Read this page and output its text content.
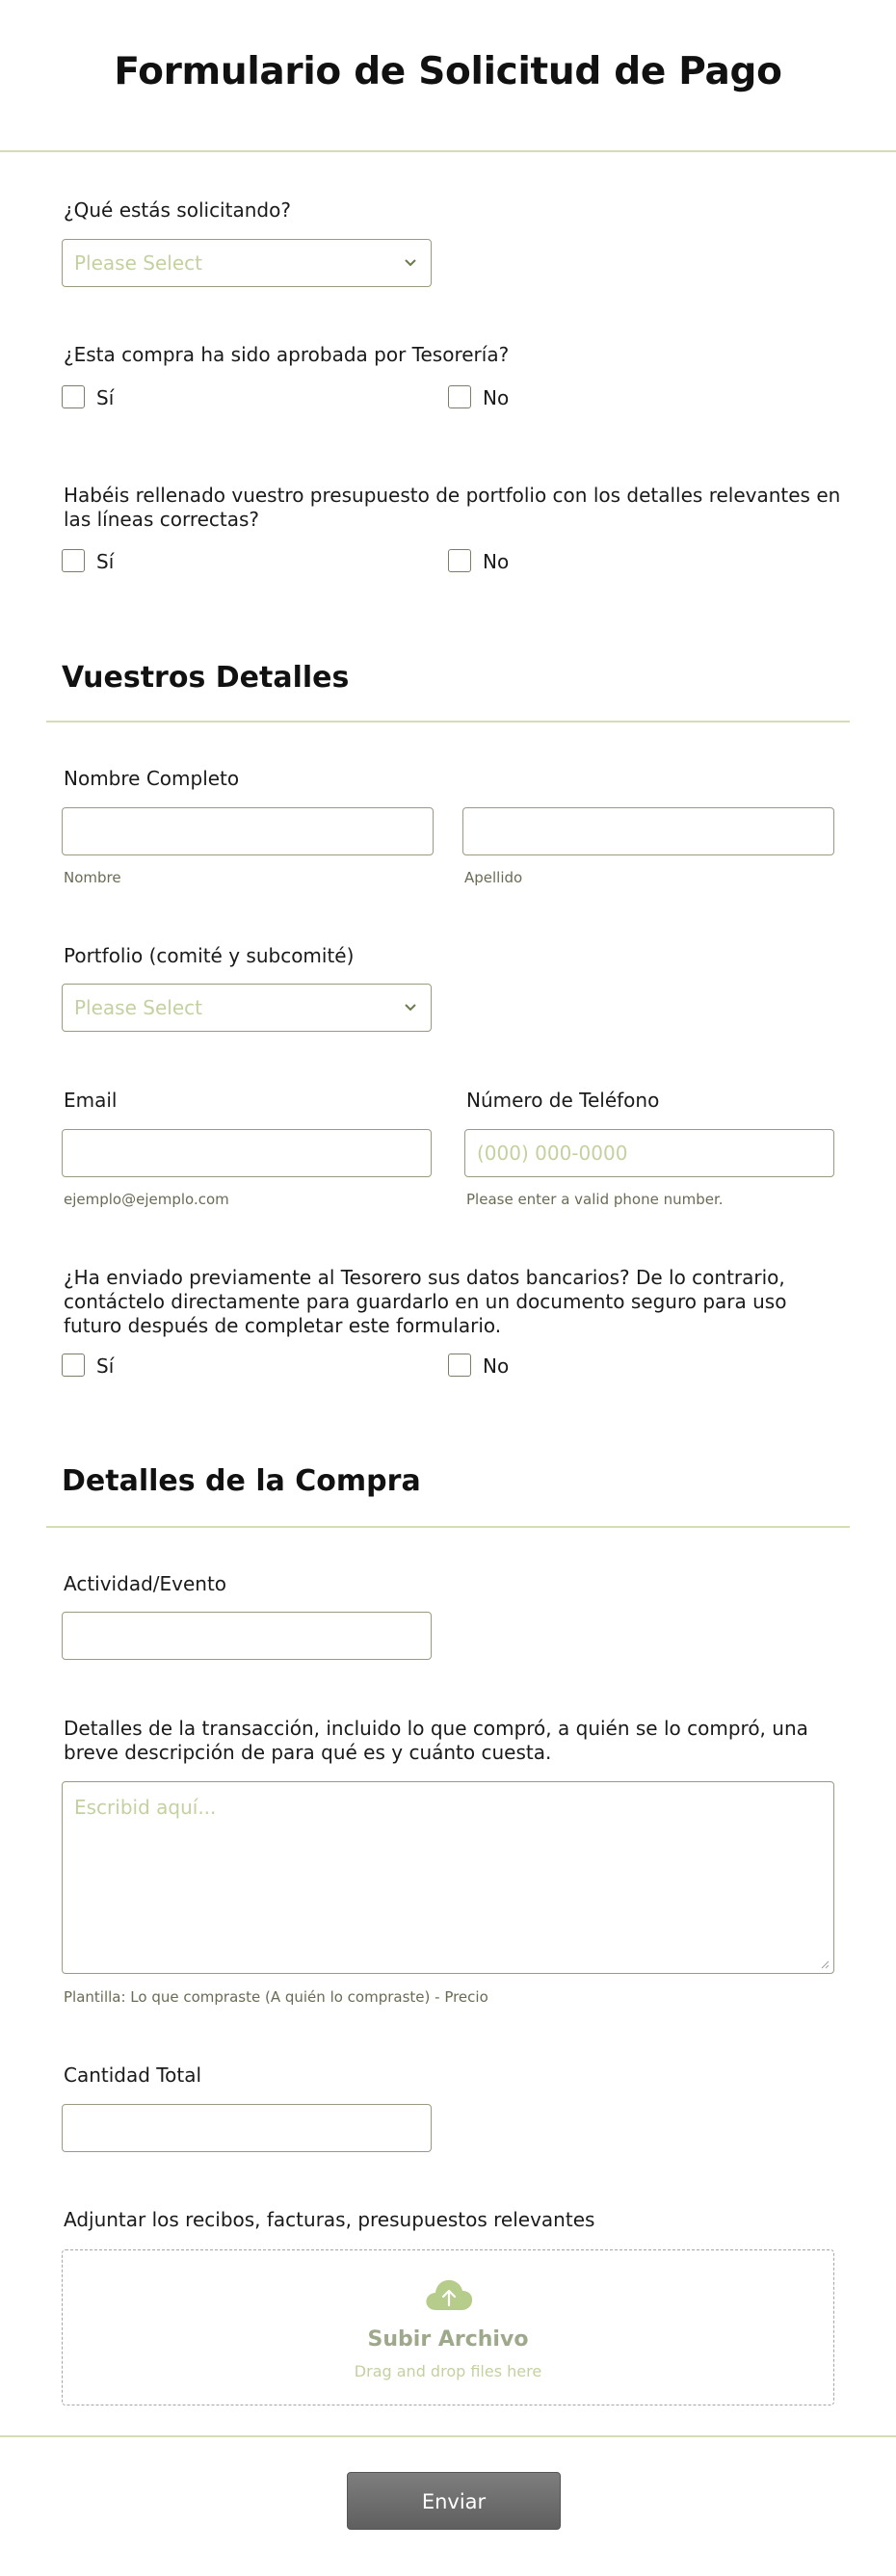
Formulario de Solicitud de Pago
¿Qué estás solicitando?
Please Select
¿Esta compra ha sido aprobada por Tesorería?
Sí	No
Habéis rellenado vuestro presupuesto de portfolio con los detalles relevantes en las líneas correctas?
Sí	No
Vuestros Detalles
Nombre Completo
Nombre	Apellido
Portfolio (comité y subcomité)
Please Select
Email
ejemplo@ejemplo.com
Número de Teléfono
(000) 000-0000
Please enter a valid phone number.
¿Ha enviado previamente al Tesorero sus datos bancarios? De lo contrario, contáctelo directamente para guardarlo en un documento seguro para uso futuro después de completar este formulario.
Sí	No
Detalles de la Compra
Actividad/Evento
Detalles de la transacción, incluido lo que compró, a quién se lo compró, una breve descripción de para qué es y cuánto cuesta.
Escribid aquí...
Plantilla: Lo que compraste (A quién lo compraste) - Precio
Cantidad Total
Adjuntar los recibos, facturas, presupuestos relevantes
Subir Archivo
Drag and drop files here
Enviar
